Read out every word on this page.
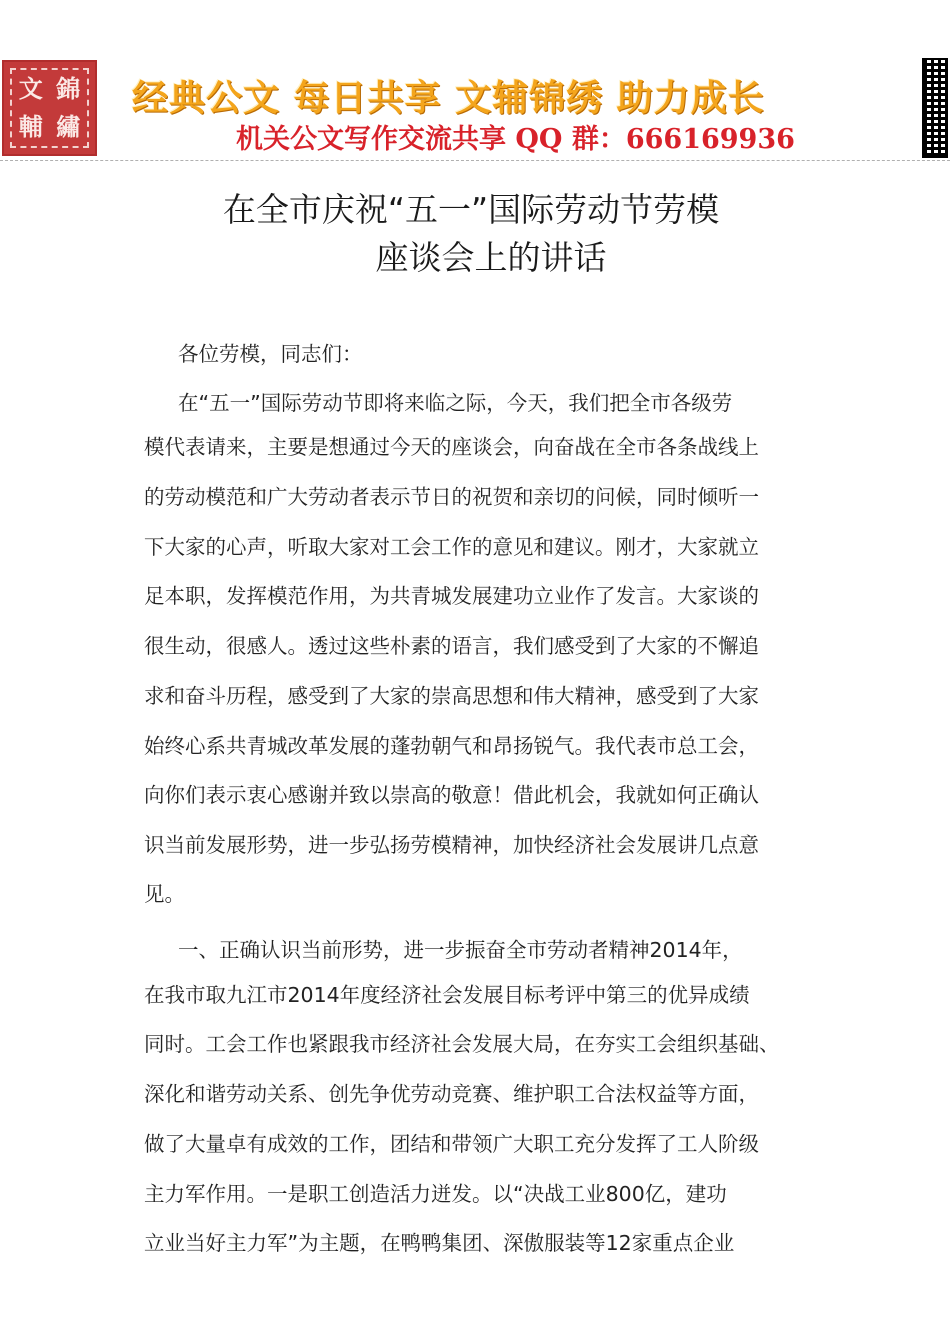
文 錦
輔 繡
经典公文 每日共享 文辅锦绣 助力成长
机关公文写作交流共享 QQ 群：666169936
在全市庆祝“五一”国际劳动节劳模
座谈会上的讲话
各位劳模，同志们：
在“五一”国际劳动节即将来临之际，今天，我们把全市各级劳
模代表请来，主要是想通过今天的座谈会，向奋战在全市各条战线上
的劳动模范和广大劳动者表示节日的祝贺和亲切的问候，同时倾听一
下大家的心声，听取大家对工会工作的意见和建议。刚才，大家就立
足本职，发挥模范作用，为共青城发展建功立业作了发言。大家谈的
很生动，很感人。透过这些朴素的语言，我们感受到了大家的不懈追
求和奋斗历程，感受到了大家的崇高思想和伟大精神，感受到了大家
始终心系共青城改革发展的蓬勃朝气和昂扬锐气。我代表市总工会，
向你们表示衷心感谢并致以崇高的敬意！借此机会，我就如何正确认
识当前发展形势，进一步弘扬劳模精神，加快经济社会发展讲几点意
见。
一、正确认识当前形势，进一步振奋全市劳动者精神2014年，
在我市取九江市2014年度经济社会发展目标考评中第三的优异成绩
同时。工会工作也紧跟我市经济社会发展大局，在夯实工会组织基础、
深化和谐劳动关系、创先争优劳动竞赛、维护职工合法权益等方面，
做了大量卓有成效的工作，团结和带领广大职工充分发挥了工人阶级
主力军作用。一是职工创造活力迸发。以“决战工业800亿，建功
立业当好主力军”为主题，在鸭鸭集团、深傲服装等12家重点企业
